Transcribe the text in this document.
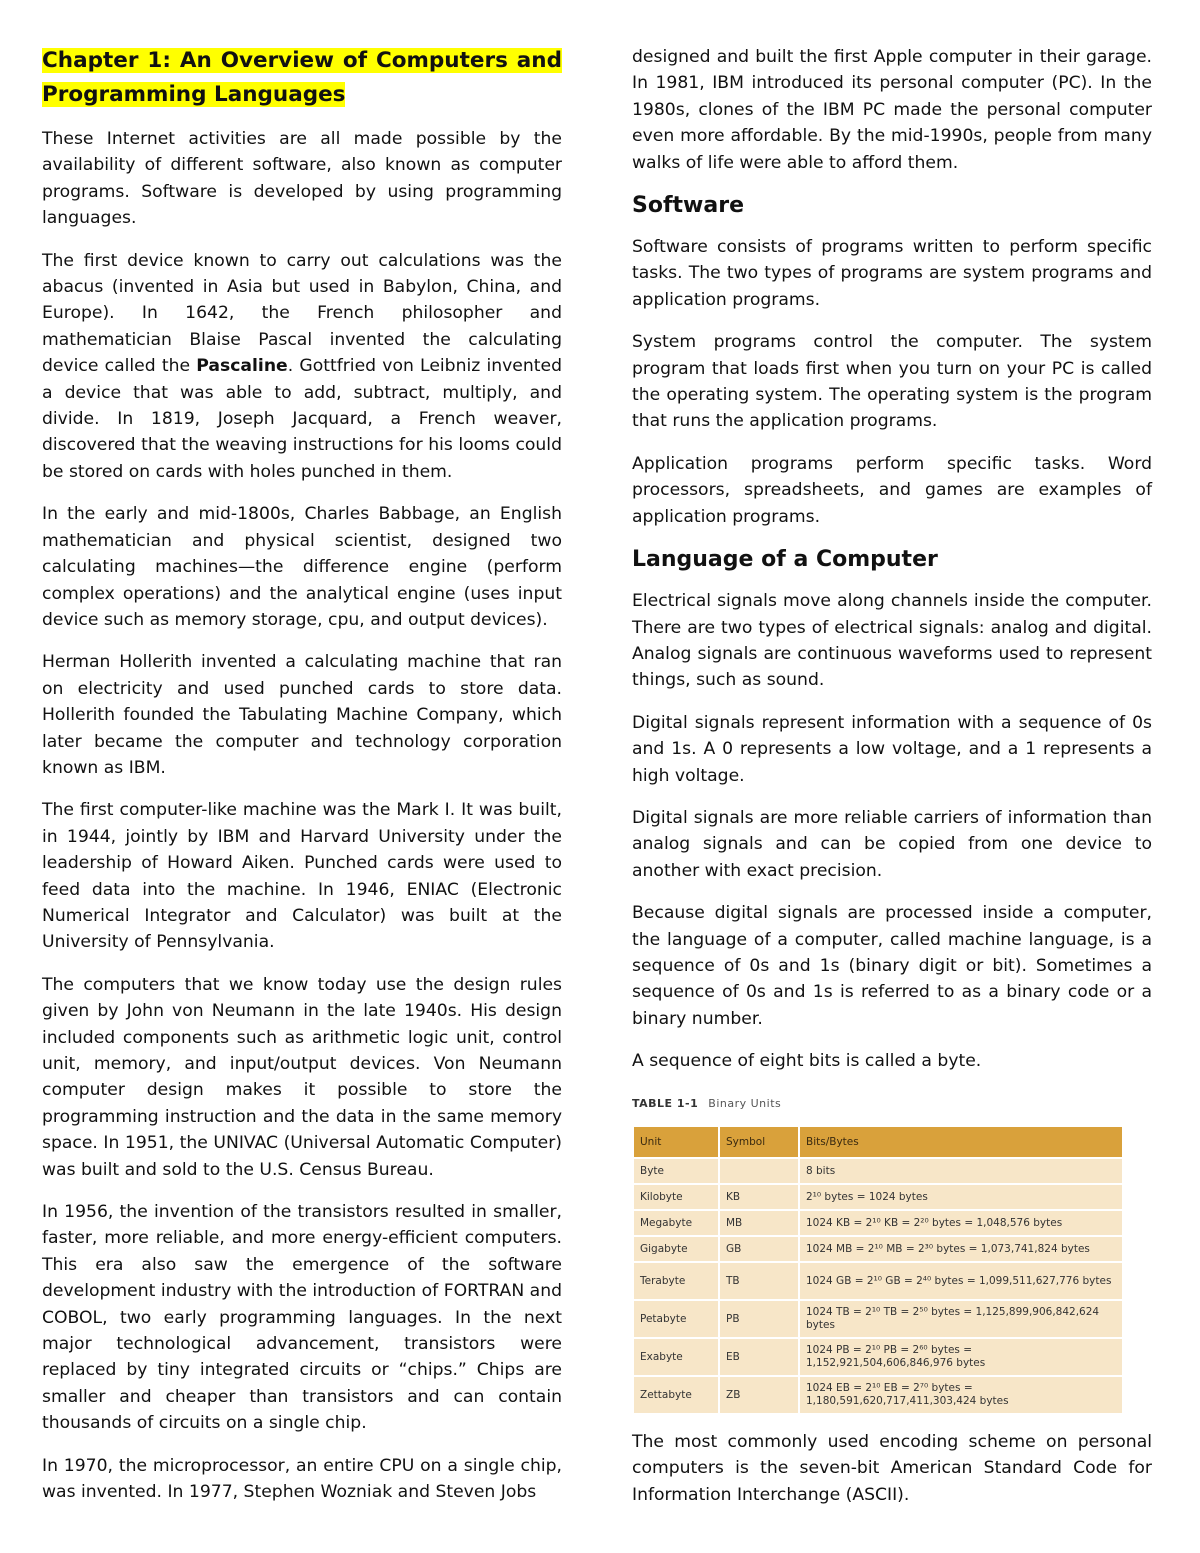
Chapter 1: An Overview of Computers and Programming Languages

These Internet activities are all made possible by the availability of different software, also known as computer programs. Software is developed by using programming languages.

The first device known to carry out calculations was the abacus (invented in Asia but used in Babylon, China, and Europe). In 1642, the French philosopher and mathematician Blaise Pascal invented the calculating device called the Pascaline. Gottfried von Leibniz invented a device that was able to add, subtract, multiply, and divide. In 1819, Joseph Jacquard, a French weaver, discovered that the weaving instructions for his looms could be stored on cards with holes punched in them.

In the early and mid-1800s, Charles Babbage, an English mathematician and physical scientist, designed two calculating machines—the difference engine (perform complex operations) and the analytical engine (uses input device such as memory storage, cpu, and output devices).

Herman Hollerith invented a calculating machine that ran on electricity and used punched cards to store data. Hollerith founded the Tabulating Machine Company, which later became the computer and technology corporation known as IBM.

The first computer-like machine was the Mark I. It was built, in 1944, jointly by IBM and Harvard University under the leadership of Howard Aiken. Punched cards were used to feed data into the machine. In 1946, ENIAC (Electronic Numerical Integrator and Calculator) was built at the University of Pennsylvania.

The computers that we know today use the design rules given by John von Neumann in the late 1940s. His design included components such as arithmetic logic unit, control unit, memory, and input/output devices. Von Neumann computer design makes it possible to store the programming instruction and the data in the same memory space. In 1951, the UNIVAC (Universal Automatic Computer) was built and sold to the U.S. Census Bureau.

In 1956, the invention of the transistors resulted in smaller, faster, more reliable, and more energy-efficient computers. This era also saw the emergence of the software development industry with the introduction of FORTRAN and COBOL, two early programming languages. In the next major technological advancement, transistors were replaced by tiny integrated circuits or “chips.” Chips are smaller and cheaper than transistors and can contain thousands of circuits on a single chip.

In 1970, the microprocessor, an entire CPU on a single chip, was invented. In 1977, Stephen Wozniak and Steven Jobs

designed and built the first Apple computer in their garage. In 1981, IBM introduced its personal computer (PC). In the 1980s, clones of the IBM PC made the personal computer even more affordable. By the mid-1990s, people from many walks of life were able to afford them.

Software

Software consists of programs written to perform specific tasks. The two types of programs are system programs and application programs.

System programs control the computer. The system program that loads first when you turn on your PC is called the operating system. The operating system is the program that runs the application programs.

Application programs perform specific tasks. Word processors, spreadsheets, and games are examples of application programs.

Language of a Computer

Electrical signals move along channels inside the computer. There are two types of electrical signals: analog and digital. Analog signals are continuous waveforms used to represent things, such as sound.

Digital signals represent information with a sequence of 0s and 1s. A 0 represents a low voltage, and a 1 represents a high voltage.

Digital signals are more reliable carriers of information than analog signals and can be copied from one device to another with exact precision.

Because digital signals are processed inside a computer, the language of a computer, called machine language, is a sequence of 0s and 1s (binary digit or bit). Sometimes a sequence of 0s and 1s is referred to as a binary code or a binary number.

A sequence of eight bits is called a byte.

TABLE 1-1 Binary Units
Unit	Symbol	Bits/Bytes
Byte		8 bits
Kilobyte	KB	2¹⁰ bytes = 1024 bytes
Megabyte	MB	1024 KB = 2¹⁰ KB = 2²⁰ bytes = 1,048,576 bytes
Gigabyte	GB	1024 MB = 2¹⁰ MB = 2³⁰ bytes = 1,073,741,824 bytes
Terabyte	TB	1024 GB = 2¹⁰ GB = 2⁴⁰ bytes = 1,099,511,627,776 bytes
Petabyte	PB	1024 TB = 2¹⁰ TB = 2⁵⁰ bytes = 1,125,899,906,842,624 bytes
Exabyte	EB	1024 PB = 2¹⁰ PB = 2⁶⁰ bytes = 1,152,921,504,606,846,976 bytes
Zettabyte	ZB	1024 EB = 2¹⁰ EB = 2⁷⁰ bytes = 1,180,591,620,717,411,303,424 bytes

The most commonly used encoding scheme on personal computers is the seven-bit American Standard Code for Information Interchange (ASCII).
